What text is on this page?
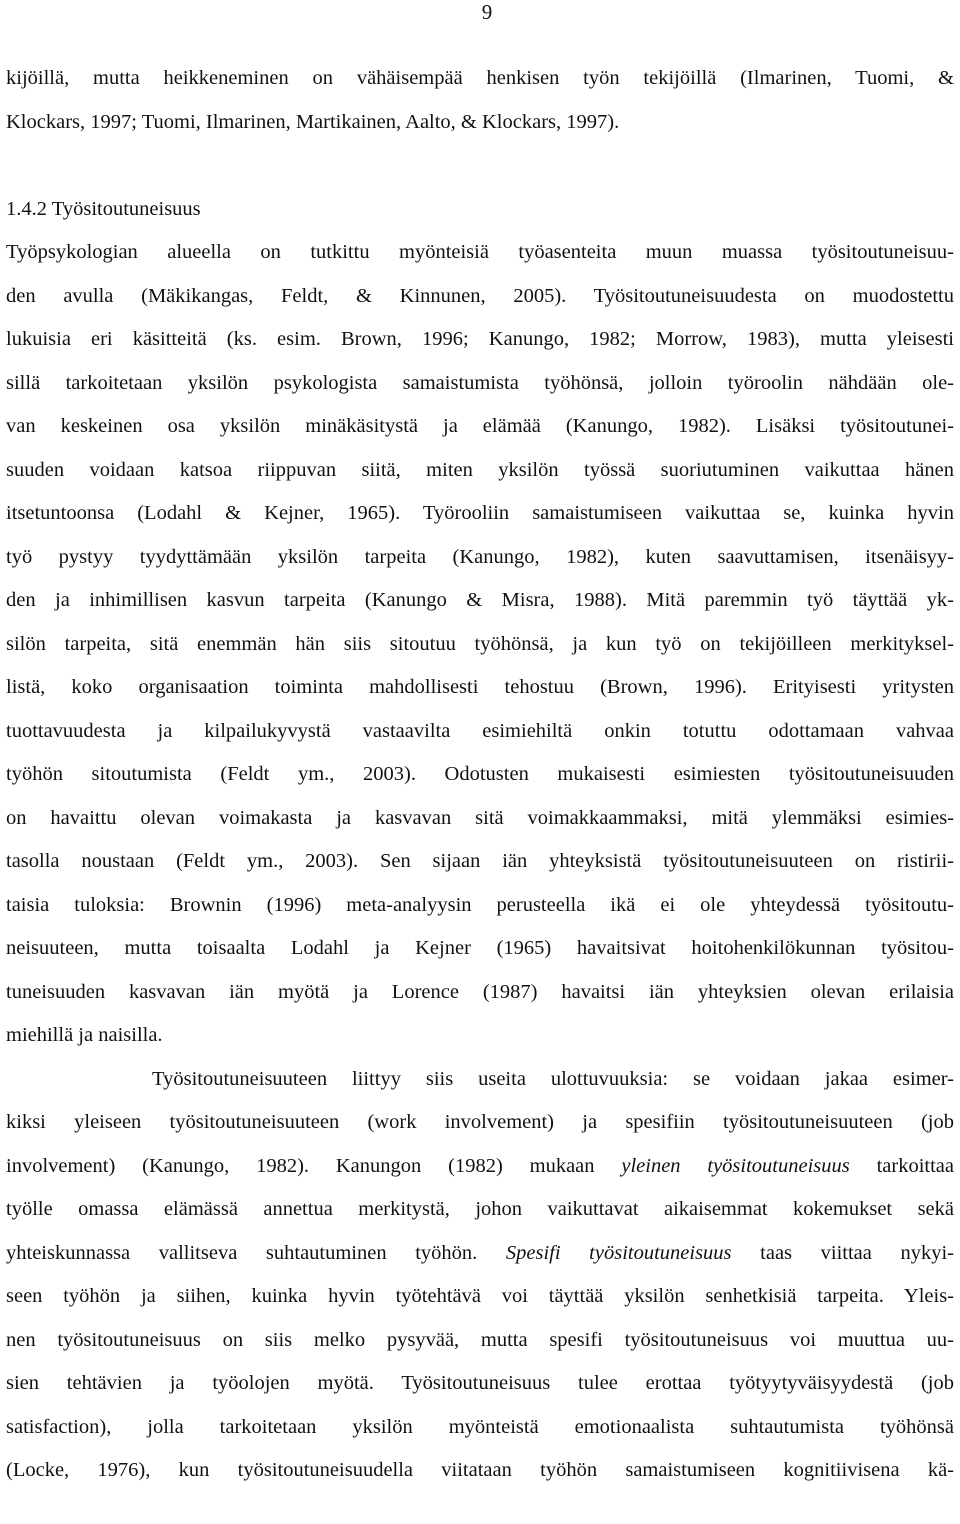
9
kijöillä, mutta heikkeneminen on vähäisempää henkisen työn tekijöillä (Ilmarinen, Tuomi, &
Klockars, 1997; Tuomi, Ilmarinen, Martikainen, Aalto, & Klockars, 1997).
1.4.2 Työsitoutuneisuus
Työpsykologian alueella on tutkittu myönteisiä työasenteita muun muassa työsitoutuneisuu-
den avulla (Mäkikangas, Feldt, & Kinnunen, 2005). Työsitoutuneisuudesta on muodostettu
lukuisia eri käsitteitä (ks. esim. Brown, 1996; Kanungo, 1982; Morrow, 1983), mutta yleisesti
sillä tarkoitetaan yksilön psykologista samaistumista työhönsä, jolloin työroolin nähdään ole-
van keskeinen osa yksilön minäkäsitystä ja elämää (Kanungo, 1982). Lisäksi työsitoutunei-
suuden voidaan katsoa riippuvan siitä, miten yksilön työssä suoriutuminen vaikuttaa hänen
itsetuntoonsa (Lodahl & Kejner, 1965). Työrooliin samaistumiseen vaikuttaa se, kuinka hyvin
työ pystyy tyydyttämään yksilön tarpeita (Kanungo, 1982), kuten saavuttamisen, itsenäisyy-
den ja inhimillisen kasvun tarpeita (Kanungo & Misra, 1988). Mitä paremmin työ täyttää yk-
silön tarpeita, sitä enemmän hän siis sitoutuu työhönsä, ja kun työ on tekijöilleen merkityksel-
listä, koko organisaation toiminta mahdollisesti tehostuu (Brown, 1996). Erityisesti yritysten
tuottavuudesta ja kilpailukyvystä vastaavilta esimiehiltä onkin totuttu odottamaan vahvaa
työhön sitoutumista (Feldt ym., 2003). Odotusten mukaisesti esimiesten työsitoutuneisuuden
on havaittu olevan voimakasta ja kasvavan sitä voimakkaammaksi, mitä ylemmäksi esimies-
tasolla noustaan (Feldt ym., 2003). Sen sijaan iän yhteyksistä työsitoutuneisuuteen on ristirii-
taisia tuloksia: Brownin (1996) meta-analyysin perusteella ikä ei ole yhteydessä työsitoutu-
neisuuteen, mutta toisaalta Lodahl ja Kejner (1965) havaitsivat hoitohenkilökunnan työsitou-
tuneisuuden kasvavan iän myötä ja Lorence (1987) havaitsi iän yhteyksien olevan erilaisia
miehillä ja naisilla.
Työsitoutuneisuuteen liittyy siis useita ulottuvuuksia: se voidaan jakaa esimer-
kiksi yleiseen työsitoutuneisuuteen (work involvement) ja spesifiin työsitoutuneisuuteen (job
involvement) (Kanungo, 1982). Kanungon (1982) mukaan yleinen työsitoutuneisuus tarkoittaa
työlle omassa elämässä annettua merkitystä, johon vaikuttavat aikaisemmat kokemukset sekä
yhteiskunnassa vallitseva suhtautuminen työhön. Spesifi työsitoutuneisuus taas viittaa nykyi-
seen työhön ja siihen, kuinka hyvin työtehtävä voi täyttää yksilön senhetkisiä tarpeita. Yleis-
nen työsitoutuneisuus on siis melko pysyvää, mutta spesifi työsitoutuneisuus voi muuttua uu-
sien tehtävien ja työolojen myötä. Työsitoutuneisuus tulee erottaa työtyytyväisyydestä (job
satisfaction), jolla tarkoitetaan yksilön myönteistä emotionaalista suhtautumista työhönsä
(Locke, 1976), kun työsitoutuneisuudella viitataan työhön samaistumiseen kognitiivisena kä-
